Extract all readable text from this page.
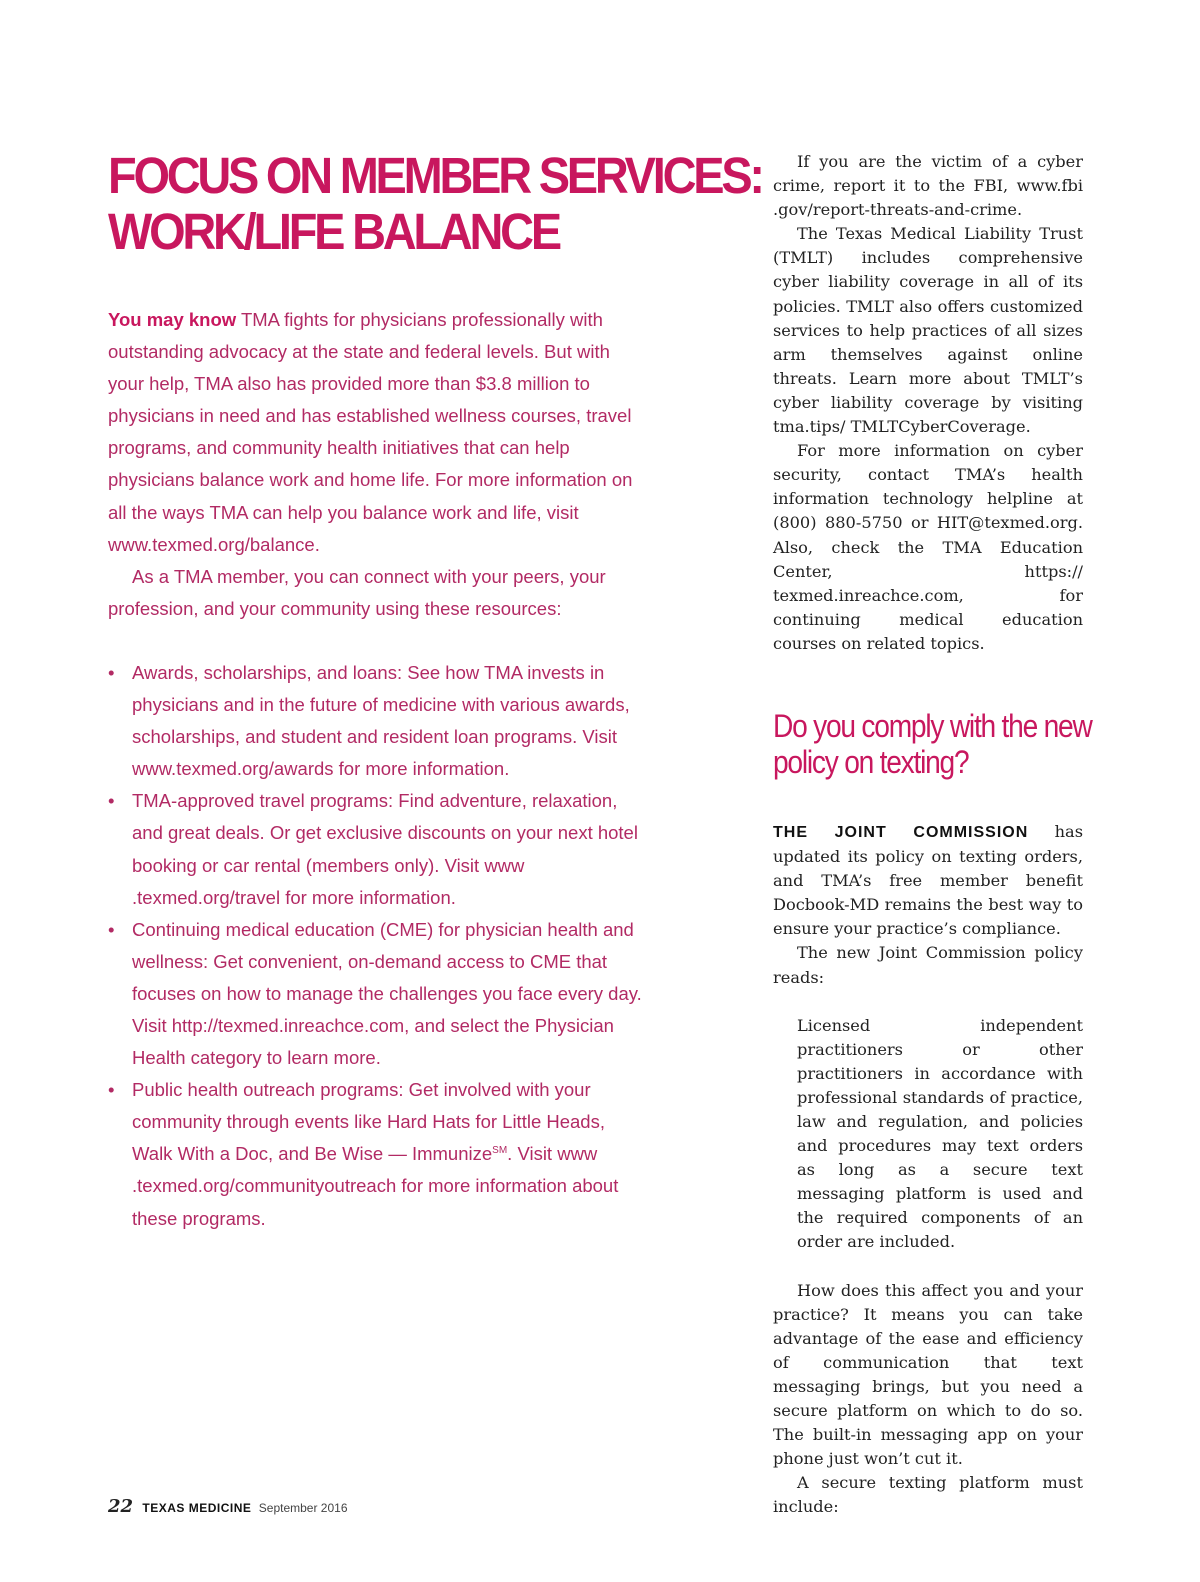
FOCUS ON MEMBER SERVICES:
WORK/LIFE BALANCE

You may know TMA fights for physicians professionally with outstanding advocacy at the state and federal levels. But with your help, TMA also has provided more than $3.8 million to physicians in need and has established wellness courses, travel programs, and community health initiatives that can help physicians balance work and home life. For more information on all the ways TMA can help you balance work and life, visit www.texmed.org/balance.

As a TMA member, you can connect with your peers, your profession, and your community using these resources:

• Awards, scholarships, and loans: See how TMA invests in physicians and in the future of medicine with various awards, scholarships, and student and resident loan programs. Visit www.texmed.org/awards for more information.
• TMA-approved travel programs: Find adventure, relaxation, and great deals. Or get exclusive discounts on your next hotel booking or car rental (members only). Visit www .texmed.org/travel for more information.
• Continuing medical education (CME) for physician health and wellness: Get convenient, on-demand access to CME that focuses on how to manage the challenges you face every day. Visit http://texmed.inreachce.com, and select the Physician Health category to learn more.
• Public health outreach programs: Get involved with your community through events like Hard Hats for Little Heads, Walk With a Doc, and Be Wise — Immunize℠. Visit www .texmed.org/communityoutreach for more information about these programs.

If you are the victim of a cyber crime, report it to the FBI, www.fbi .gov/report-threats-and-crime.

The Texas Medical Liability Trust (TMLT) includes comprehensive cyber liability coverage in all of its policies. TMLT also offers customized services to help practices of all sizes arm themselves against online threats. Learn more about TMLT’s cyber liability coverage by visiting tma.tips/ TMLTCyberCoverage.

For more information on cyber security, contact TMA’s health information technology helpline at (800) 880-5750 or HIT@texmed.org. Also, check the TMA Education Center, https:// texmed.inreachce.com, for continuing medical education courses on related topics.

Do you comply with the new
policy on texting?

THE JOINT COMMISSION has updated its policy on texting orders, and TMA’s free member benefit Docbook-MD remains the best way to ensure your practice’s compliance.

The new Joint Commission policy reads:

Licensed independent practitioners or other practitioners in accordance with professional standards of practice, law and regulation, and policies and procedures may text orders as long as a secure text messaging platform is used and the required components of an order are included.

How does this affect you and your practice? It means you can take advantage of the ease and efficiency of communication that text messaging brings, but you need a secure platform on which to do so. The built-in messaging app on your phone just won’t cut it.

A secure texting platform must include:

22 TEXAS MEDICINE September 2016
